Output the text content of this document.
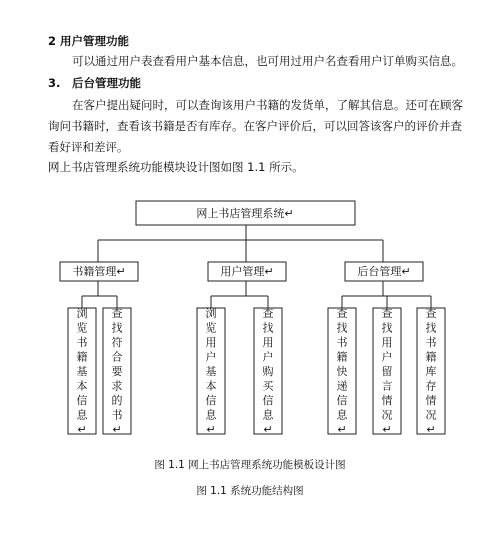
2 用户管理功能
可以通过用户表查看用户基本信息，也可用过用户名查看用户订单购买信息。
3. 后台管理功能
在客户提出疑问时，可以查询该用户书籍的发货单，了解其信息。还可在顾客
询问书籍时，查看该书籍是否有库存。在客户评价后，可以回答该客户的评价并查
看好评和差评。
网上书店管理系统功能模块设计图如图 1.1 所示。
网上书店管理系统↵
书籍管理↵	用户管理↵	后台管理↵
浏览书籍基本信息↵
查找符合要求的书↵
浏览用户基本信息↵
查找用户购买信息↵
查找书籍快递信息↵
查找用户留言情况↵
查找书籍库存情况↵
图 1.1 网上书店管理系统功能模板设计图
图 1.1 系统功能结构图
